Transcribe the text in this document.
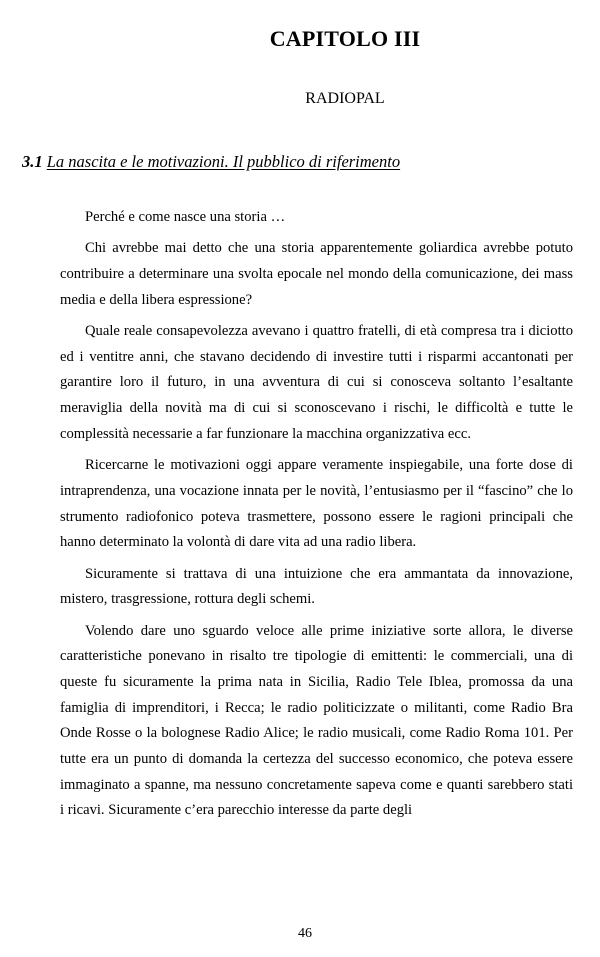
CAPITOLO III
RADIOPAL
3.1 La nascita e le motivazioni. Il pubblico di riferimento

Perché e come nasce una storia …

Chi avrebbe mai detto che una storia apparentemente goliardica avrebbe potuto contribuire a determinare una svolta epocale nel mondo della comunicazione, dei mass media e della libera espressione?

Quale reale consapevolezza avevano i quattro fratelli, di età compresa tra i diciotto ed i ventitre anni, che stavano decidendo di investire tutti i risparmi accantonati per garantire loro il futuro, in una avventura di cui si conosceva soltanto l’esaltante meraviglia della novità ma di cui si sconoscevano i rischi, le difficoltà e tutte le complessità necessarie a far funzionare la macchina organizzativa ecc.

Ricercarne le motivazioni oggi appare veramente inspiegabile, una forte dose di intraprendenza, una vocazione innata per le novità, l’entusiasmo per il “fascino” che lo strumento radiofonico poteva trasmettere, possono essere le ragioni principali che hanno determinato la volontà di dare vita ad una radio libera.

Sicuramente si trattava di una intuizione che era ammantata da innovazione, mistero, trasgressione, rottura degli schemi.

Volendo dare uno sguardo veloce alle prime iniziative sorte allora, le diverse caratteristiche ponevano in risalto tre tipologie di emittenti: le commerciali, una di queste fu sicuramente la prima nata in Sicilia, Radio Tele Iblea, promossa da una famiglia di imprenditori, i Recca; le radio politicizzate o militanti, come Radio Bra Onde Rosse o la bolognese Radio Alice; le radio musicali, come Radio Roma 101. Per tutte era un punto di domanda la certezza del successo economico, che poteva essere immaginato a spanne, ma nessuno concretamente sapeva come e quanti sarebbero stati i ricavi. Sicuramente c’era parecchio interesse da parte degli

46
